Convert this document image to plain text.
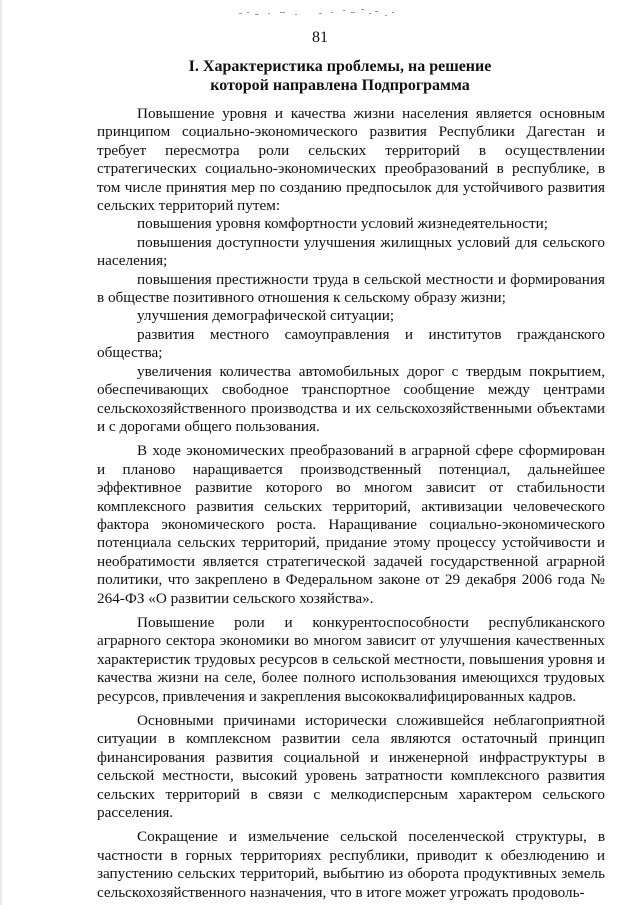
81
I. Характеристика проблемы, на решение
которой направлена Подпрограмма

Повышение уровня и качества жизни населения является основным принципом социально-экономического развития Республики Дагестан и требует пересмотра роли сельских территорий в осуществлении стратегических социально-экономических преобразований в республике, в том числе принятия мер по созданию предпосылок для устойчивого развития сельских территорий путем:

повышения уровня комфортности условий жизнедеятельности;

повышения доступности улучшения жилищных условий для сельского населения;

повышения престижности труда в сельской местности и формирования в обществе позитивного отношения к сельскому образу жизни;

улучшения демографической ситуации;

развития местного самоуправления и институтов гражданского общества;

увеличения количества автомобильных дорог с твердым покрытием, обеспечивающих свободное транспортное сообщение между центрами сельскохозяйственного производства и их сельскохозяйственными объектами и с дорогами общего пользования.

В ходе экономических преобразований в аграрной сфере сформирован и планово наращивается производственный потенциал, дальнейшее эффективное развитие которого во многом зависит от стабильности комплексного развития сельских территорий, активизации человеческого фактора экономического роста. Наращивание социально-экономического потенциала сельских территорий, придание этому процессу устойчивости и необратимости является стратегической задачей государственной аграрной политики, что закреплено в Федеральном законе от 29 декабря 2006 года № 264-ФЗ «О развитии сельского хозяйства».

Повышение роли и конкурентоспособности республиканского аграрного сектора экономики во многом зависит от улучшения качественных характеристик трудовых ресурсов в сельской местности, повышения уровня и качества жизни на селе, более полного использования имеющихся трудовых ресурсов, привлечения и закрепления высококвалифицированных кадров.

Основными причинами исторически сложившейся неблагоприятной ситуации в комплексном развитии села являются остаточный принцип финансирования развития социальной и инженерной инфраструктуры в сельской местности, высокий уровень затратности комплексного развития сельских территорий в связи с мелкодисперсным характером сельского расселения.

Сокращение и измельчение сельской поселенческой структуры, в частности в горных территориях республики, приводит к обезлюдению и запустению сельских территорий, выбытию из оборота продуктивных земель сельскохозяйственного назначения, что в итоге может угрожать продоволь-
